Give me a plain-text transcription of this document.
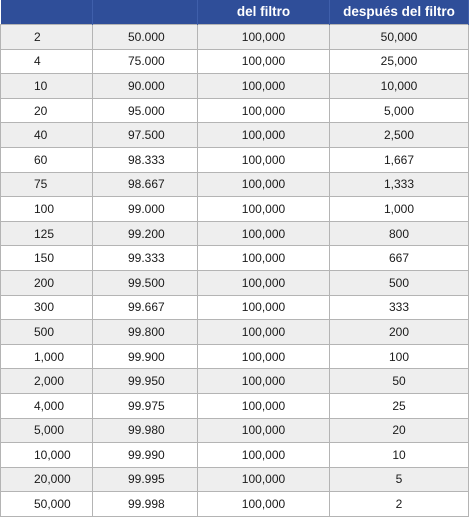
		del filtro	después del filtro
2	50.000	100,000	50,000
4	75.000	100,000	25,000
10	90.000	100,000	10,000
20	95.000	100,000	5,000
40	97.500	100,000	2,500
60	98.333	100,000	1,667
75	98.667	100,000	1,333
100	99.000	100,000	1,000
125	99.200	100,000	800
150	99.333	100,000	667
200	99.500	100,000	500
300	99.667	100,000	333
500	99.800	100,000	200
1,000	99.900	100,000	100
2,000	99.950	100,000	50
4,000	99.975	100,000	25
5,000	99.980	100,000	20
10,000	99.990	100,000	10
20,000	99.995	100,000	5
50,000	99.998	100,000	2
